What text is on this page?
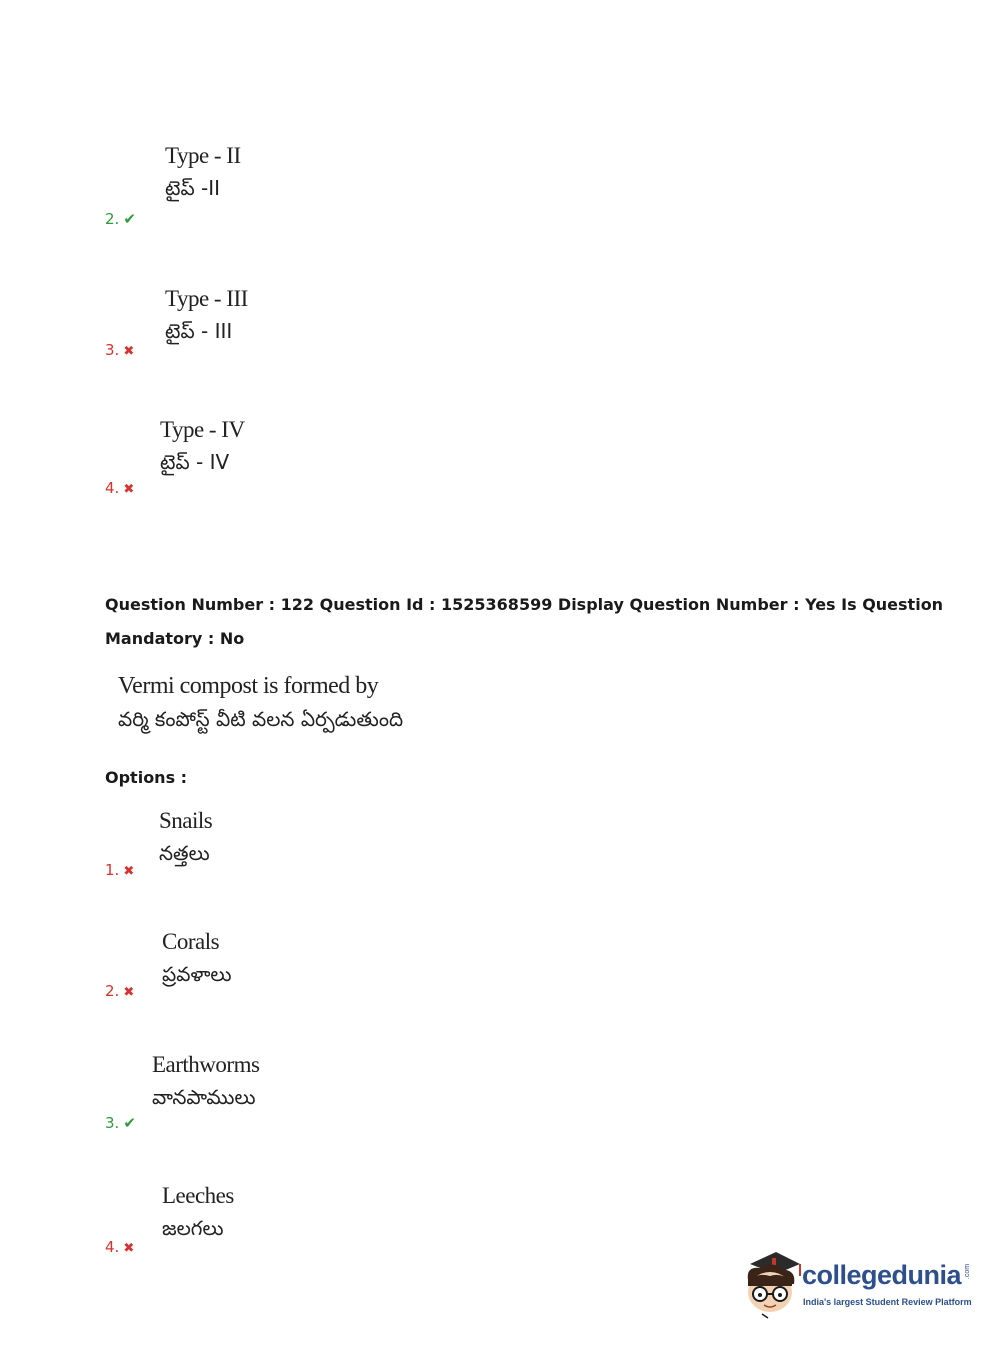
Type - II
టైప్ -II
2. ✔
Type - III
టైప్ - III
3. ✖
Type - IV
టైప్ - IV
4. ✖
Question Number : 122 Question Id : 1525368599 Display Question Number : Yes Is Question
Mandatory : No
Vermi compost is formed by
వర్మి కంపోస్ట్ వీటి వలన ఏర్పడుతుంది
Options :
Snails
నత్తలు
1. ✖
Corals
ప్రవళాలు
2. ✖
Earthworms
వానపాములు
3. ✔
Leeches
జలగలు
4. ✖
collegedunia .com
India's largest Student Review Platform
